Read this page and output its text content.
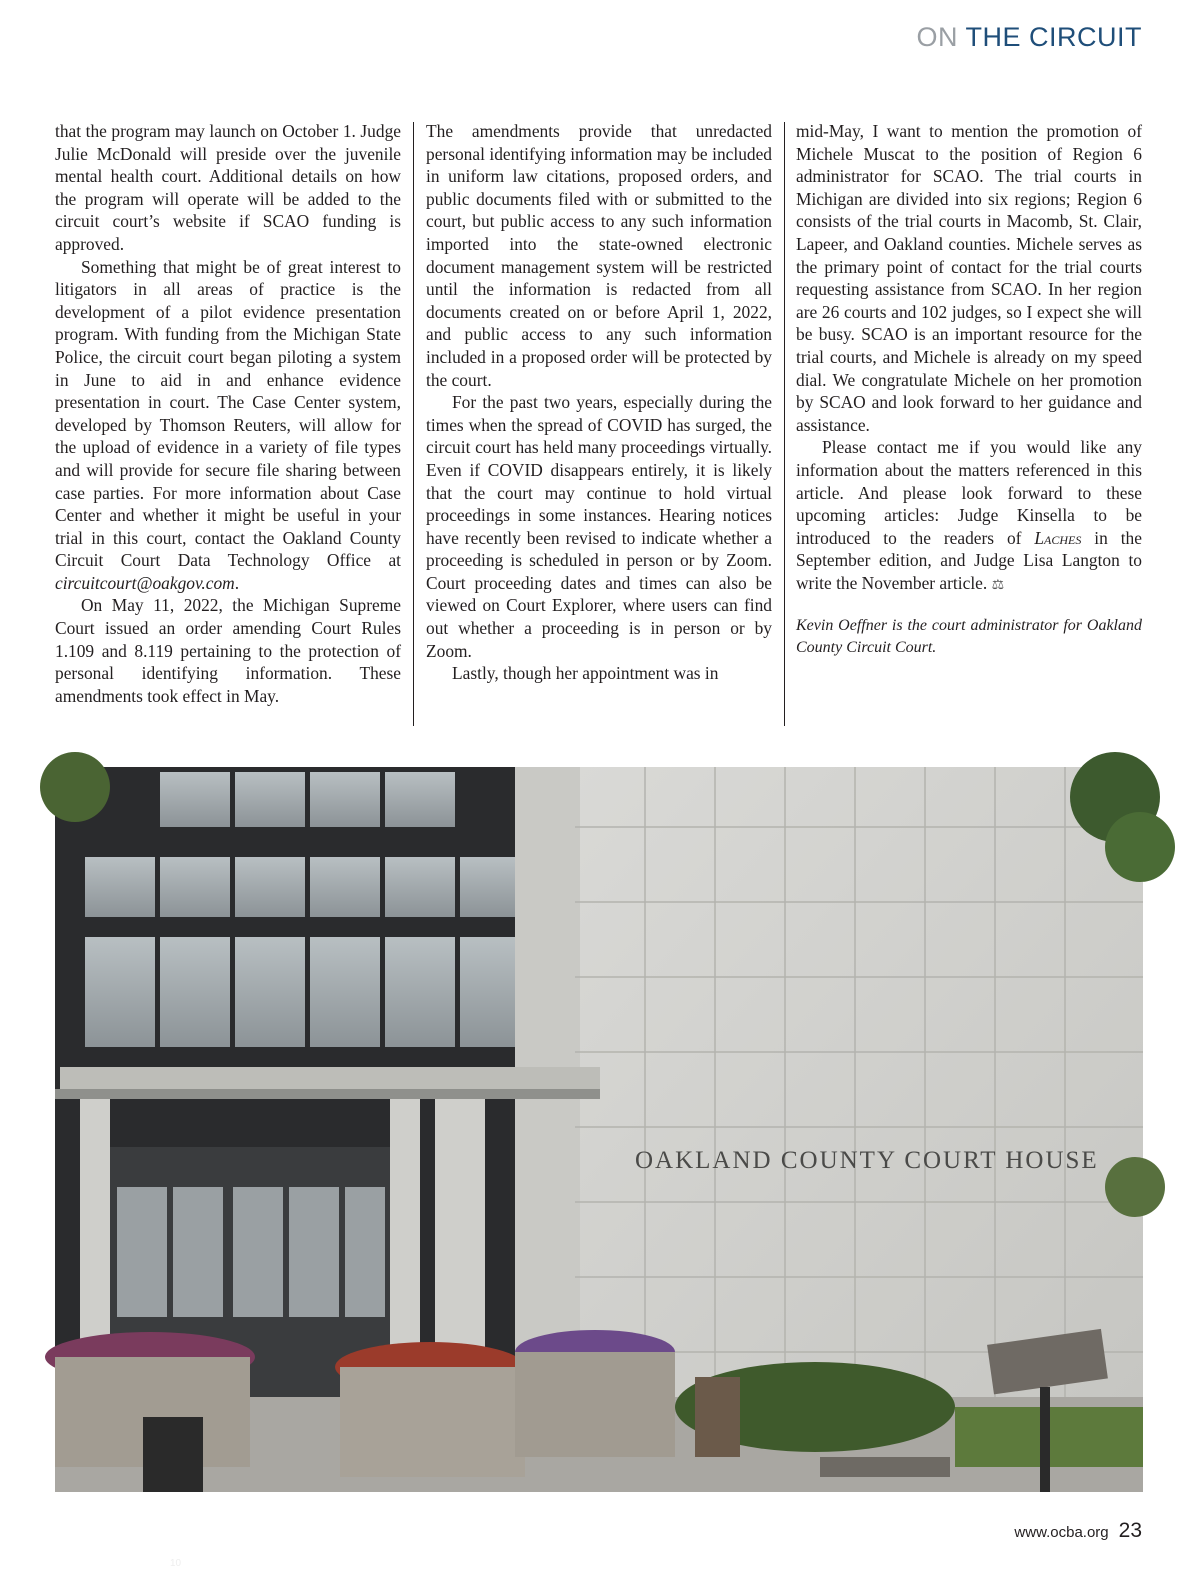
ON THE CIRCUIT

that the program may launch on October 1. Judge Julie McDonald will preside over the juvenile mental health court. Additional details on how the program will operate will be added to the circuit court’s website if SCAO funding is approved.

Something that might be of great interest to litigators in all areas of practice is the development of a pilot evidence presentation program. With funding from the Michigan State Police, the circuit court began piloting a system in June to aid in and enhance evidence presentation in court. The Case Center system, developed by Thomson Reuters, will allow for the upload of evidence in a variety of file types and will provide for secure file sharing between case parties. For more information about Case Center and whether it might be useful in your trial in this court, contact the Oakland County Circuit Court Data Technology Office at circuitcourt@oakgov.com.

On May 11, 2022, the Michigan Supreme Court issued an order amending Court Rules 1.109 and 8.119 pertaining to the protection of personal identifying information. These amendments took effect in May.

The amendments provide that unredacted personal identifying information may be included in uniform law citations, proposed orders, and public documents filed with or submitted to the court, but public access to any such information imported into the state-owned electronic document management system will be restricted until the information is redacted from all documents created on or before April 1, 2022, and public access to any such information included in a proposed order will be protected by the court.

For the past two years, especially during the times when the spread of COVID has surged, the circuit court has held many proceedings virtually. Even if COVID disappears entirely, it is likely that the court may continue to hold virtual proceedings in some instances. Hearing notices have recently been revised to indicate whether a proceeding is scheduled in person or by Zoom. Court proceeding dates and times can also be viewed on Court Explorer, where users can find out whether a proceeding is in person or by Zoom.

Lastly, though her appointment was in

mid-May, I want to mention the promotion of Michele Muscat to the position of Region 6 administrator for SCAO. The trial courts in Michigan are divided into six regions; Region 6 consists of the trial courts in Macomb, St. Clair, Lapeer, and Oakland counties. Michele serves as the primary point of contact for the trial courts requesting assistance from SCAO. In her region are 26 courts and 102 judges, so I expect she will be busy. SCAO is an important resource for the trial courts, and Michele is already on my speed dial. We congratulate Michele on her promotion by SCAO and look forward to her guidance and assistance.

Please contact me if you would like any information about the matters referenced in this article. And please look forward to these upcoming articles: Judge Kinsella to be introduced to the readers of Laches in the September edition, and Judge Lisa Langton to write the November article. ⚖

Kevin Oeffner is the court administrator for Oakland County Circuit Court.

10
OAKLAND COUNTY COURT HOUSE
www.ocba.org 23
